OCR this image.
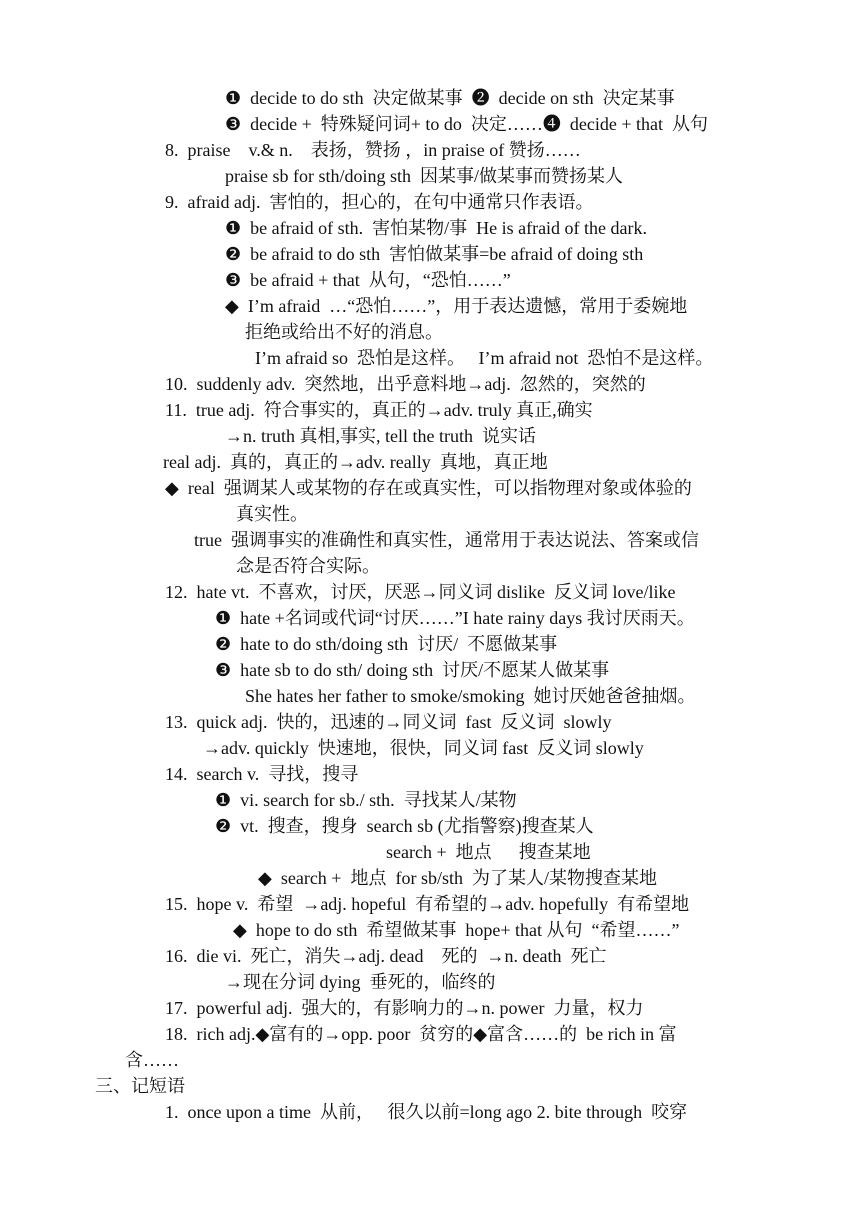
❶  decide to do sth  决定做某事  ❷  decide on sth  决定某事
❸  decide +  特殊疑问词+ to do  决定……❹  decide + that  从句
8.  praise    v.& n.    表扬，赞扬 ，in praise of 赞扬……
praise sb for sth/doing sth  因某事/做某事而赞扬某人
9.  afraid adj.  害怕的，担心的，在句中通常只作表语。
❶  be afraid of sth.  害怕某物/事  He is afraid of the dark.
❷  be afraid to do sth  害怕做某事=be afraid of doing sth
❸  be afraid + that  从句，“恐怕……”
◆  I’m afraid  …“恐怕……”，用于表达遗憾，常用于委婉地
拒绝或给出不好的消息。
I’m afraid so  恐怕是这样。   I’m afraid not  恐怕不是这样。
10.  suddenly adv.  突然地，出乎意料地→adj.  忽然的，突然的
11.  true adj.  符合事实的，真正的→adv. truly 真正,确实
→n. truth 真相,事实, tell the truth  说实话
real adj.  真的，真正的→adv. really  真地，真正地
◆  real  强调某人或某物的存在或真实性，可以指物理对象或体验的
真实性。
true  强调事实的准确性和真实性，通常用于表达说法、答案或信
念是否符合实际。
12.  hate vt.  不喜欢，讨厌，厌恶→同义词 dislike  反义词 love/like
❶  hate +名词或代词“讨厌……”I hate rainy days 我讨厌雨天。
❷  hate to do sth/doing sth  讨厌/  不愿做某事
❸  hate sb to do sth/ doing sth  讨厌/不愿某人做某事
She hates her father to smoke/smoking  她讨厌她爸爸抽烟。
13.  quick adj.  快的，迅速的→同义词  fast  反义词  slowly
→adv. quickly  快速地，很快，同义词 fast  反义词 slowly
14.  search v.  寻找，搜寻
❶  vi. search for sb./ sth.  寻找某人/某物
❷  vt.  搜查，搜身  search sb (尤指警察)搜查某人
search +  地点      搜查某地
◆  search +  地点  for sb/sth  为了某人/某物搜查某地
15.  hope v.  希望  →adj. hopeful  有希望的→adv. hopefully  有希望地
◆  hope to do sth  希望做某事  hope+ that 从句  “希望……”
16.  die vi.  死亡，消失→adj. dead    死的  →n. death  死亡
→现在分词 dying  垂死的，临终的
17.  powerful adj.  强大的，有影响力的→n. power  力量，权力
18.  rich adj.◆富有的→opp. poor  贫穷的◆富含……的  be rich in 富
含……
三、记短语
1.  once upon a time  从前，   很久以前=long ago 2. bite through  咬穿
